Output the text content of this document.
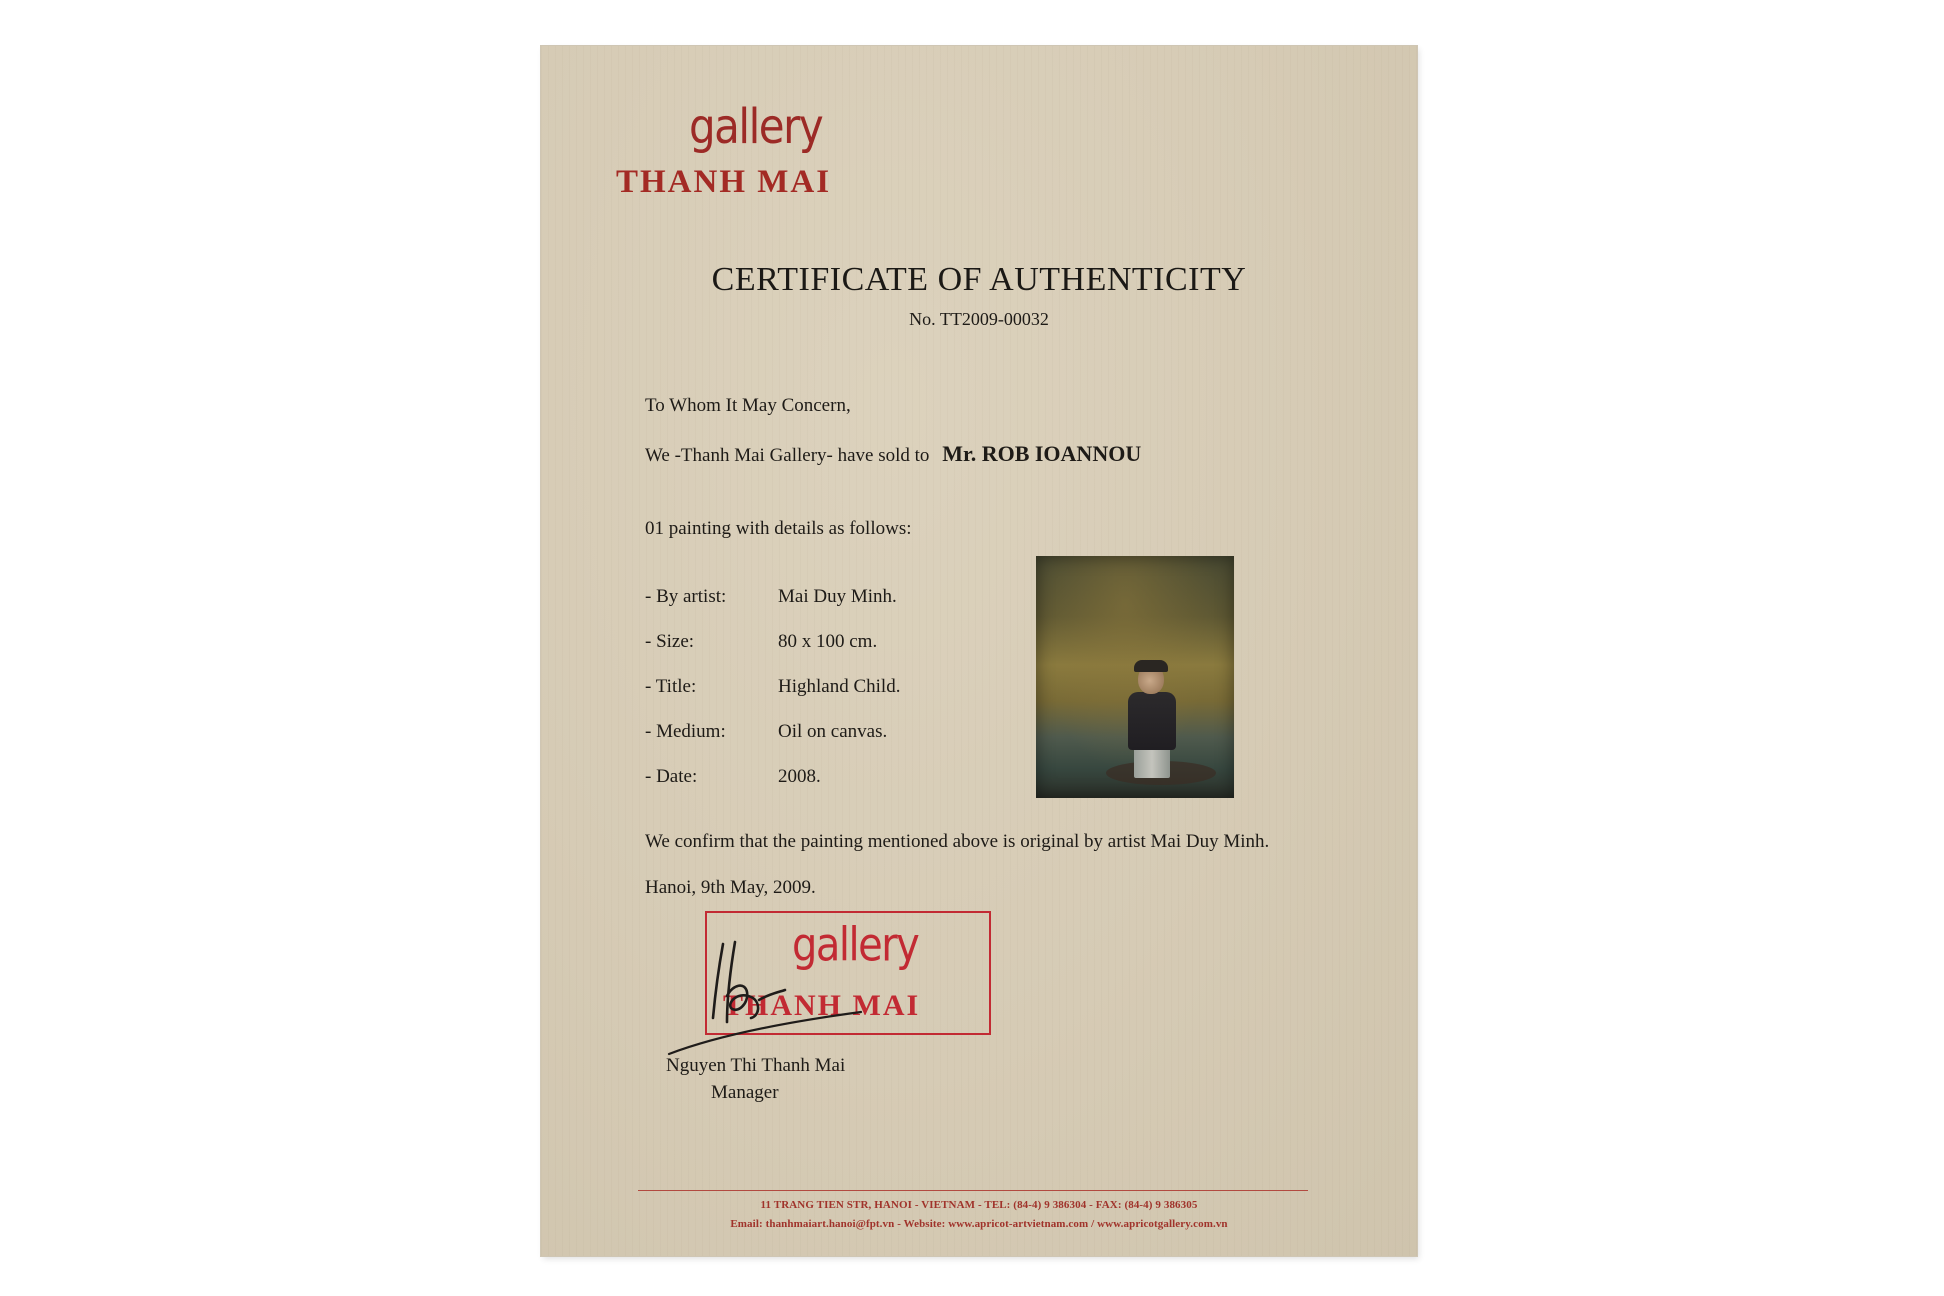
gallery
THANH MAI
CERTIFICATE OF AUTHENTICITY
No. TT2009-00032
To Whom It May Concern,
We -Thanh Mai Gallery- have sold to Mr. ROB IOANNOU
01 painting with details as follows:
- By artist:	Mai Duy Minh.
- Size:	80 x 100 cm.
- Title:	Highland Child.
- Medium:	Oil on canvas.
- Date:	2008.
We confirm that the painting mentioned above is original by artist Mai Duy Minh.
Hanoi, 9th May, 2009.
gallery
THANH MAI
Nguyen Thi Thanh Mai
Manager
11 TRANG TIEN STR, HANOI - VIETNAM - TEL: (84-4) 9 386304 - FAX: (84-4) 9 386305
Email: thanhmaiart.hanoi@fpt.vn - Website: www.apricot-artvietnam.com / www.apricotgallery.com.vn
